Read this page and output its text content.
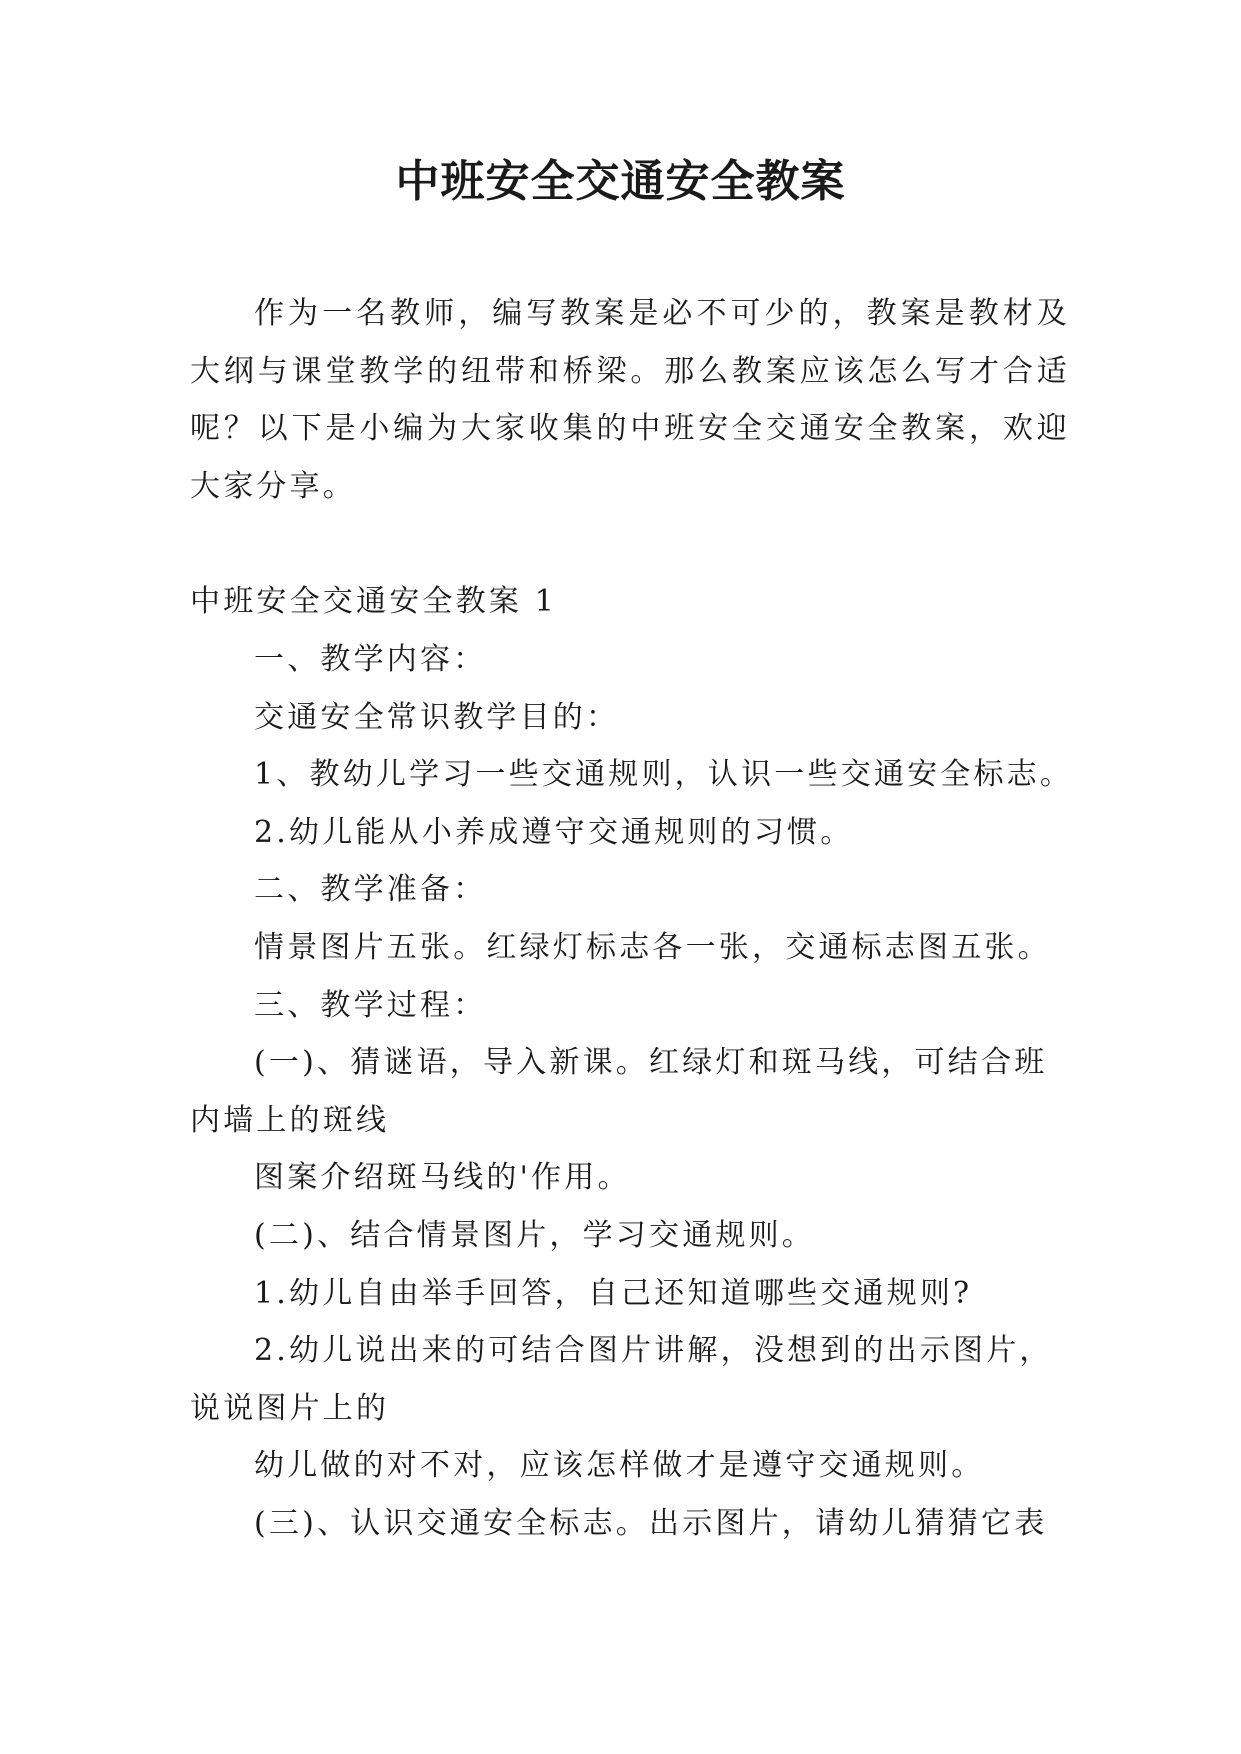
中班安全交通安全教案

作为一名教师，编写教案是必不可少的，教案是教材及大纲与课堂教学的纽带和桥梁。那么教案应该怎么写才合适呢？以下是小编为大家收集的中班安全交通安全教案，欢迎大家分享。

中班安全交通安全教案 1

一、教学内容：

交通安全常识教学目的：

1、教幼儿学习一些交通规则，认识一些交通安全标志。

2.幼儿能从小养成遵守交通规则的习惯。

二、教学准备：

情景图片五张。红绿灯标志各一张，交通标志图五张。

三、教学过程：

(一)、猜谜语，导入新课。红绿灯和斑马线，可结合班

内墙上的斑线

图案介绍斑马线的'作用。

(二)、结合情景图片，学习交通规则。

1.幼儿自由举手回答，自己还知道哪些交通规则?

2.幼儿说出来的可结合图片讲解，没想到的出示图片，

说说图片上的

幼儿做的对不对，应该怎样做才是遵守交通规则。

(三)、认识交通安全标志。出示图片，请幼儿猜猜它表
